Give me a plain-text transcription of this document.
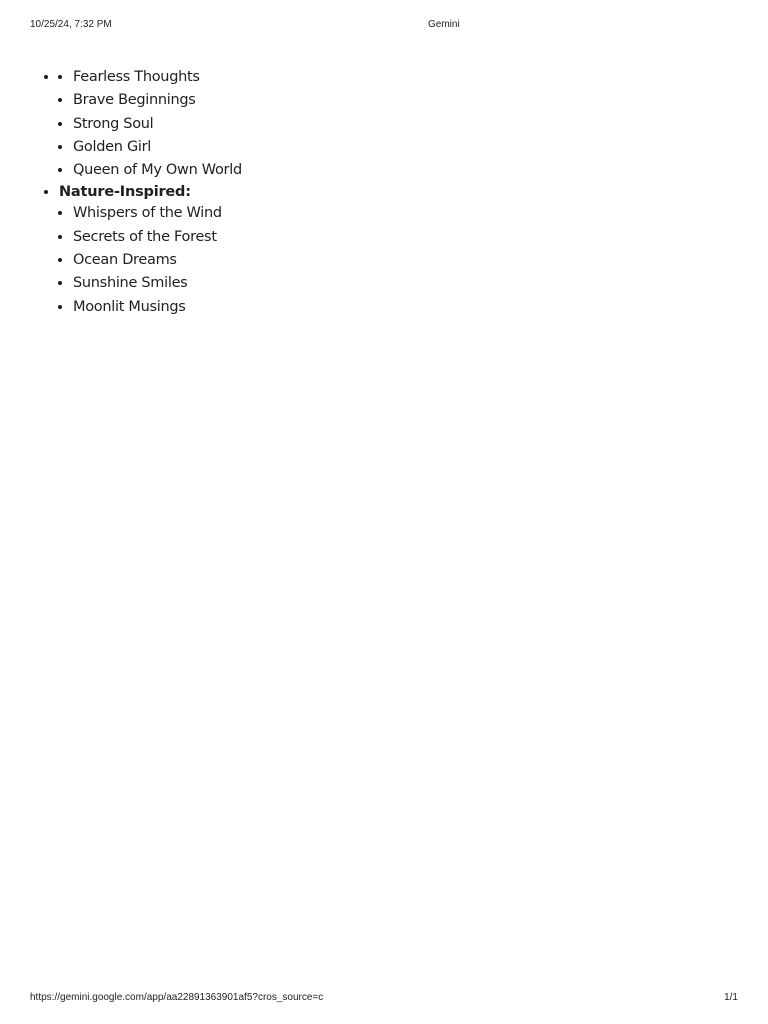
10/25/24, 7:32 PM	Gemini
• • Fearless Thoughts
• Brave Beginnings
• Strong Soul
• Golden Girl
• Queen of My Own World
• Nature-Inspired:
• Whispers of the Wind
• Secrets of the Forest
• Ocean Dreams
• Sunshine Smiles
• Moonlit Musings
https://gemini.google.com/app/aa22891363901af5?cros_source=c	1/1
